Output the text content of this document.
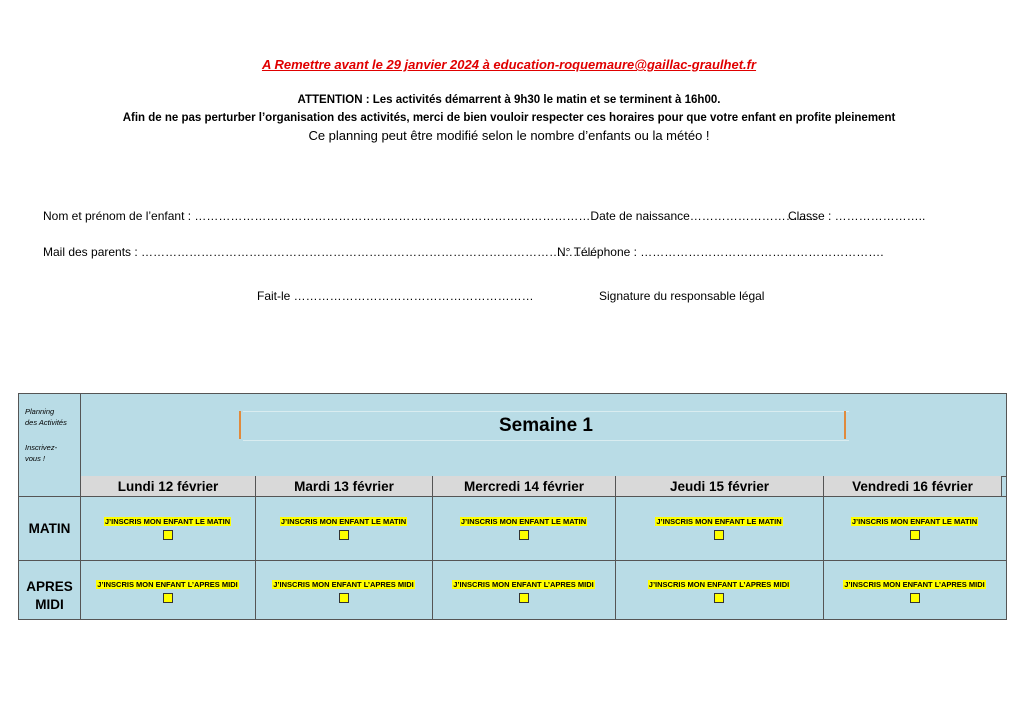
A Remettre avant le 29 janvier 2024 à education-roquemaure@gaillac-graulhet.fr
ATTENTION : Les activités démarrent à 9h30 le matin et se terminent à 16h00.
Afin de ne pas perturber l’organisation des activités, merci de bien vouloir respecter ces horaires pour que votre enfant en profite pleinement
Ce planning peut être modifié selon le nombre d’enfants ou la météo !
Nom et prénom de l’enfant : ………………………………………………………………………………………Date de naissance…………………………..
Classe : …………………..
Mail des parents : ……………………………………………………………………………………………………
N° Téléphone : …………………………………………………….
Fait-le ……………………………………………………	Signature du responsable légal
Planning
des Activités
Inscrivez-
vous !
Semaine 1
Lundi 12 février	Mardi 13 février	Mercredi 14 février	Jeudi 15 février	Vendredi 16 février
MATIN
APRES
MIDI
J’INSCRIS MON ENFANT LE MATIN	J’INSCRIS MON ENFANT LE MATIN	J’INSCRIS MON ENFANT LE MATIN	J’INSCRIS MON ENFANT LE MATIN	J’INSCRIS MON ENFANT LE MATIN
J’INSCRIS MON ENFANT L’APRES MIDI	J’INSCRIS MON ENFANT L’APRES MIDI	J’INSCRIS MON ENFANT L’APRES MIDI	J’INSCRIS MON ENFANT L’APRES MIDI	J’INSCRIS MON ENFANT L’APRES MIDI
